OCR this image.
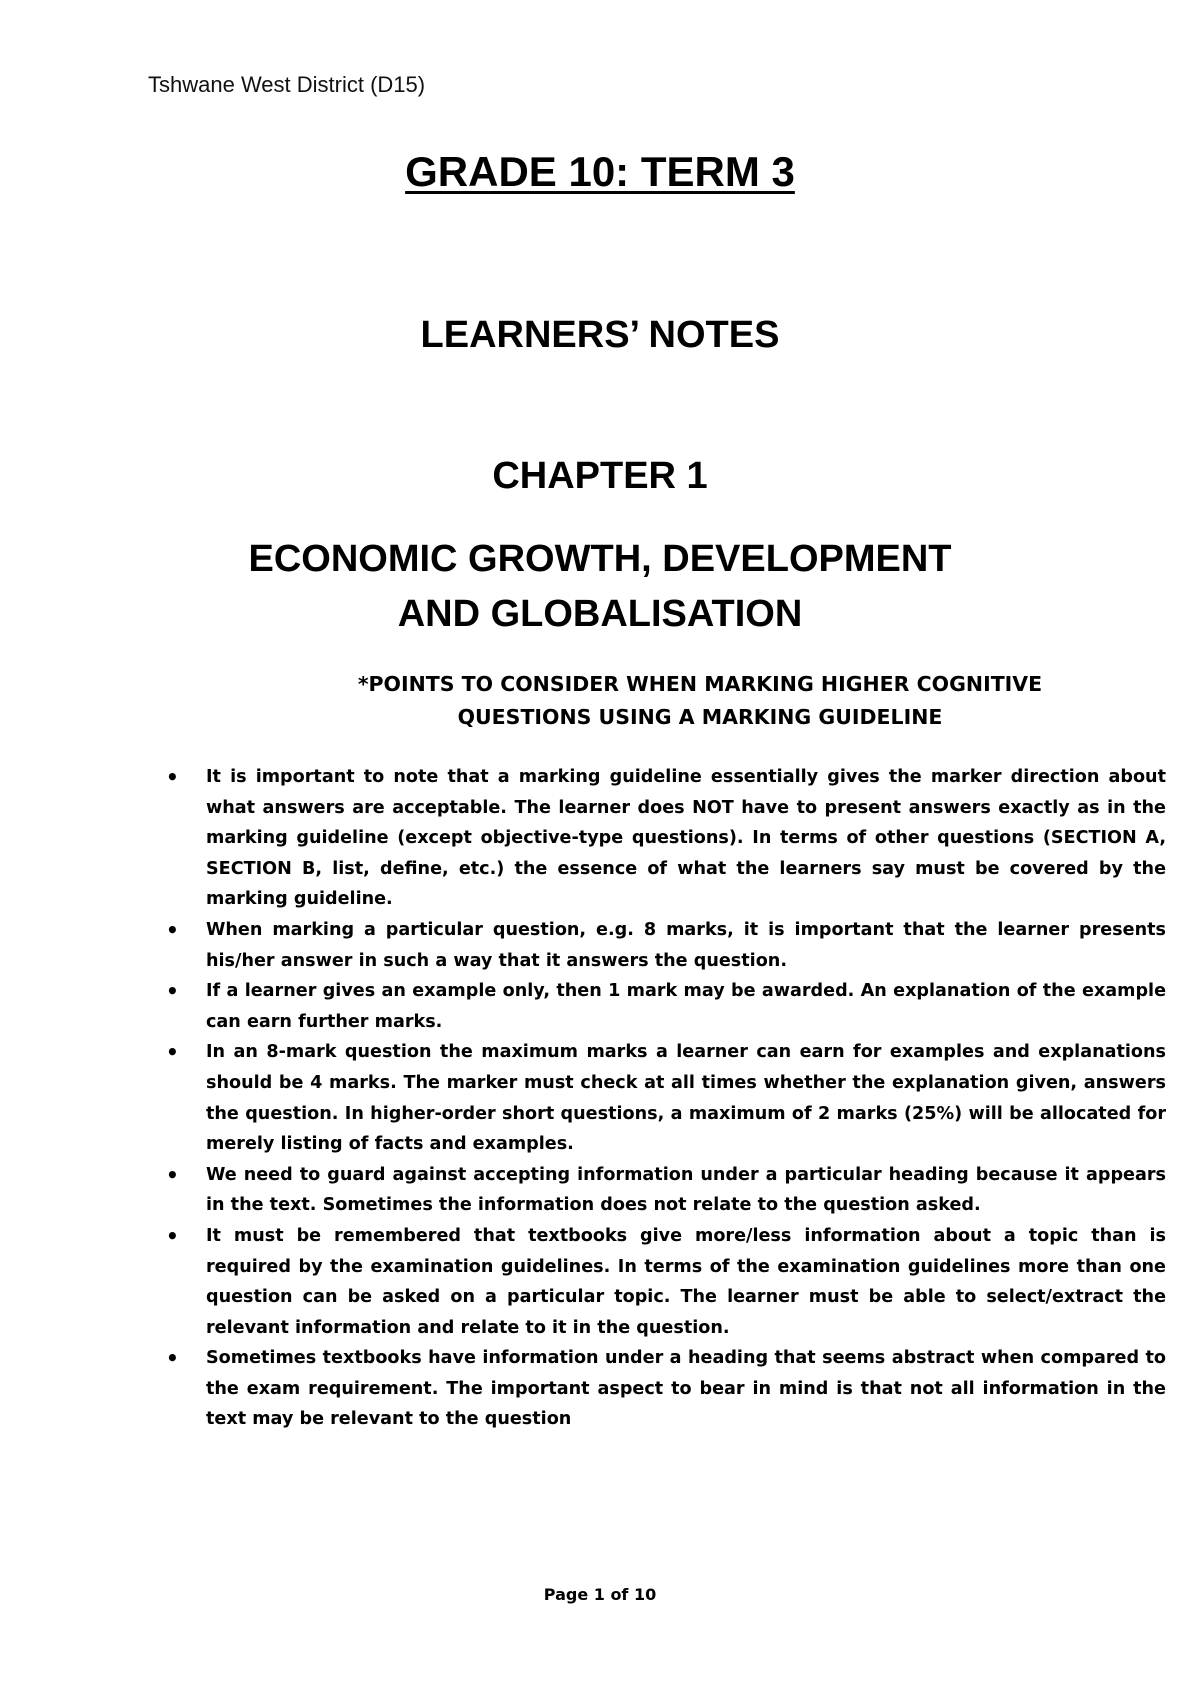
Tshwane West District (D15)
GRADE 10: TERM 3
LEARNERS’ NOTES
CHAPTER 1
ECONOMIC GROWTH, DEVELOPMENT
AND GLOBALISATION
*POINTS TO CONSIDER WHEN MARKING HIGHER COGNITIVE
QUESTIONS USING A MARKING GUIDELINE
• It is important to note that a marking guideline essentially gives the marker direction about what answers are acceptable. The learner does NOT have to present answers exactly as in the marking guideline (except objective-type questions). In terms of other questions (SECTION A, SECTION B, list, define, etc.) the essence of what the learners say must be covered by the marking guideline.
• When marking a particular question, e.g. 8 marks, it is important that the learner presents his/her answer in such a way that it answers the question.
• If a learner gives an example only, then 1 mark may be awarded. An explanation of the example can earn further marks.
• In an 8-mark question the maximum marks a learner can earn for examples and explanations should be 4 marks. The marker must check at all times whether the explanation given, answers the question. In higher-order short questions, a maximum of 2 marks (25%) will be allocated for merely listing of facts and examples.
• We need to guard against accepting information under a particular heading because it appears in the text. Sometimes the information does not relate to the question asked.
• It must be remembered that textbooks give more/less information about a topic than is required by the examination guidelines. In terms of the examination guidelines more than one question can be asked on a particular topic. The learner must be able to select/extract the relevant information and relate to it in the question.
• Sometimes textbooks have information under a heading that seems abstract when compared to the exam requirement. The important aspect to bear in mind is that not all information in the text may be relevant to the question
Page 1 of 10
